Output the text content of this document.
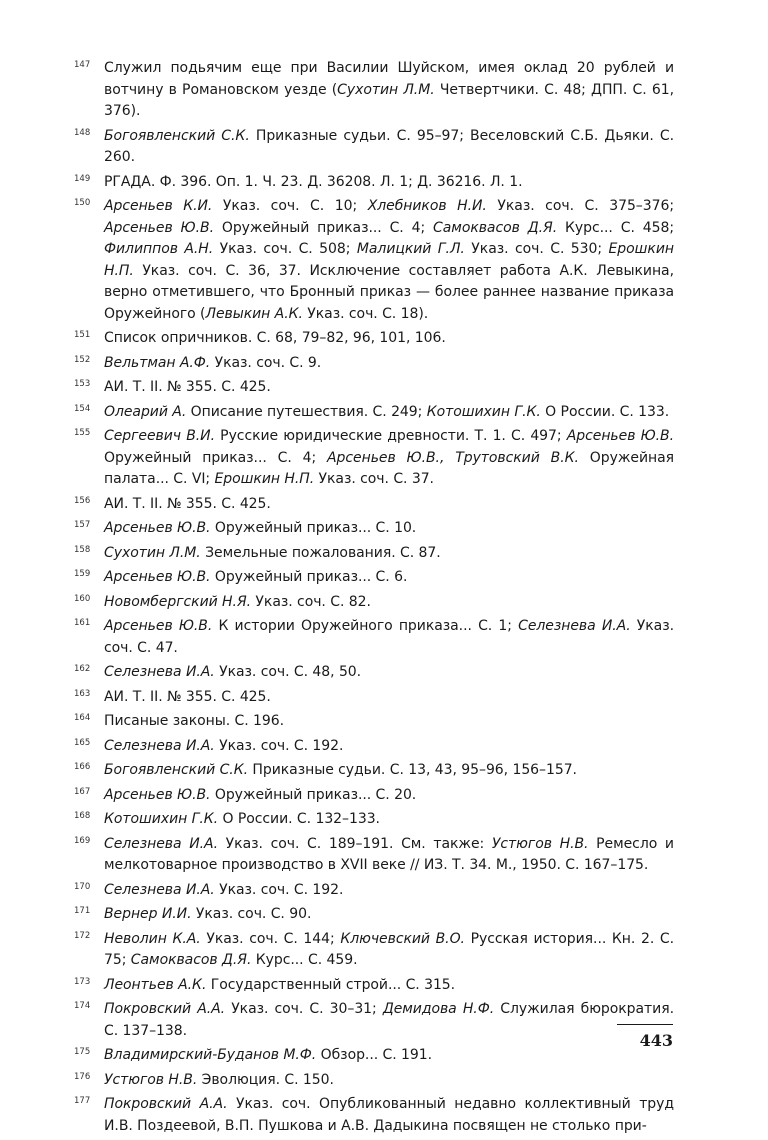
147 Служил подьячим еще при Василии Шуйском, имея оклад 20 рублей и вотчину в Романовском уезде (Сухотин Л.М. Четвертчики. С. 48; ДПП. С. 61, 376).
148 Богоявленский С.К. Приказные судьи. С. 95–97; Веселовский С.Б. Дьяки. С. 260.
149 РГАДА. Ф. 396. Оп. 1. Ч. 23. Д. 36208. Л. 1; Д. 36216. Л. 1.
150 Арсеньев К.И. Указ. соч. С. 10; Хлебников Н.И. Указ. соч. С. 375–376; Арсеньев Ю.В. Оружейный приказ... С. 4; Самоквасов Д.Я. Курс... С. 458; Филиппов А.Н. Указ. соч. С. 508; Малицкий Г.Л. Указ. соч. С. 530; Ерошкин Н.П. Указ. соч. С. 36, 37. Исключение составляет работа А.К. Левыкина, верно отметившего, что Бронный приказ — более раннее название приказа Оружейного (Левыкин А.К. Указ. соч. С. 18).
151 Список опричников. С. 68, 79–82, 96, 101, 106.
152 Вельтман А.Ф. Указ. соч. С. 9.
153 АИ. Т. II. № 355. С. 425.
154 Олеарий А. Описание путешествия. С. 249; Котошихин Г.К. О России. С. 133.
155 Сергеевич В.И. Русские юридические древности. Т. 1. С. 497; Арсеньев Ю.В. Оружейный приказ... С. 4; Арсеньев Ю.В., Трутовский В.К. Оружейная палата... С. VI; Ерошкин Н.П. Указ. соч. С. 37.
156 АИ. Т. II. № 355. С. 425.
157 Арсеньев Ю.В. Оружейный приказ... С. 10.
158 Сухотин Л.М. Земельные пожалования. С. 87.
159 Арсеньев Ю.В. Оружейный приказ... С. 6.
160 Новомбергский Н.Я. Указ. соч. С. 82.
161 Арсеньев Ю.В. К истории Оружейного приказа... С. 1; Селезнева И.А. Указ. соч. С. 47.
162 Селезнева И.А. Указ. соч. С. 48, 50.
163 АИ. Т. II. № 355. С. 425.
164 Писаные законы. С. 196.
165 Селезнева И.А. Указ. соч. С. 192.
166 Богоявленский С.К. Приказные судьи. С. 13, 43, 95–96, 156–157.
167 Арсеньев Ю.В. Оружейный приказ... С. 20.
168 Котошихин Г.К. О России. С. 132–133.
169 Селезнева И.А. Указ. соч. С. 189–191. См. также: Устюгов Н.В. Ремесло и мелкотоварное производство в XVII веке // ИЗ. Т. 34. М., 1950. С. 167–175.
170 Селезнева И.А. Указ. соч. С. 192.
171 Вернер И.И. Указ. соч. С. 90.
172 Неволин К.А. Указ. соч. С. 144; Ключевский В.О. Русская история... Кн. 2. С. 75; Самоквасов Д.Я. Курс... С. 459.
173 Леонтьев А.К. Государственный строй... С. 315.
174 Покровский А.А. Указ. соч. С. 30–31; Демидова Н.Ф. Служилая бюрократия. С. 137–138.
175 Владимирский-Буданов М.Ф. Обзор... С. 191.
176 Устюгов Н.В. Эволюция. С. 150.
177 Покровский А.А. Указ. соч. Опубликованный недавно коллективный труд И.В. Поздеевой, В.П. Пушкова и А.В. Дадыкина посвящен не столько при-
443
